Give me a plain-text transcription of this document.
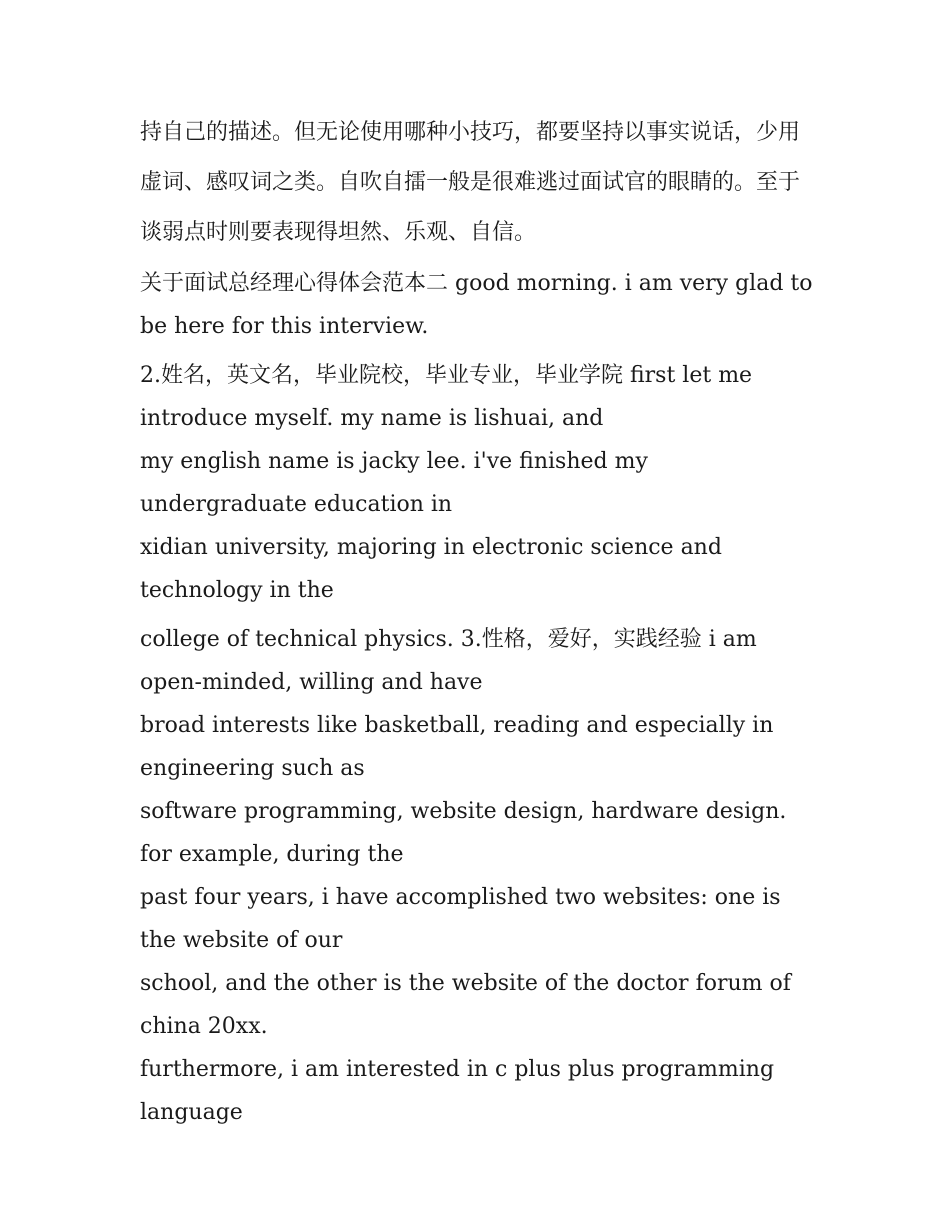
持自己的描述。但无论使用哪种小技巧，都要坚持以事实说话，少用虚词、感叹词之类。自吹自擂一般是很难逃过面试官的眼睛的。至于谈弱点时则要表现得坦然、乐观、自信。

关于面试总经理心得体会范本二 good morning. i am very glad to be here for this interview.

2.姓名，英文名，毕业院校，毕业专业，毕业学院 first let me introduce myself. my name is lishuai, and

my english name is jacky lee. i've finished my undergraduate education in

xidian university, majoring in electronic science and technology in the

college of technical physics. 3.性格，爱好，实践经验 i am open-minded, willing and have

broad interests like basketball, reading and especially in engineering such as

software programming, website design, hardware design. for example, during the

past four years, i have accomplished two websites: one is the website of our

school, and the other is the website of the doctor forum of china 20xx.

furthermore, i am interested in c plus plus programming language
